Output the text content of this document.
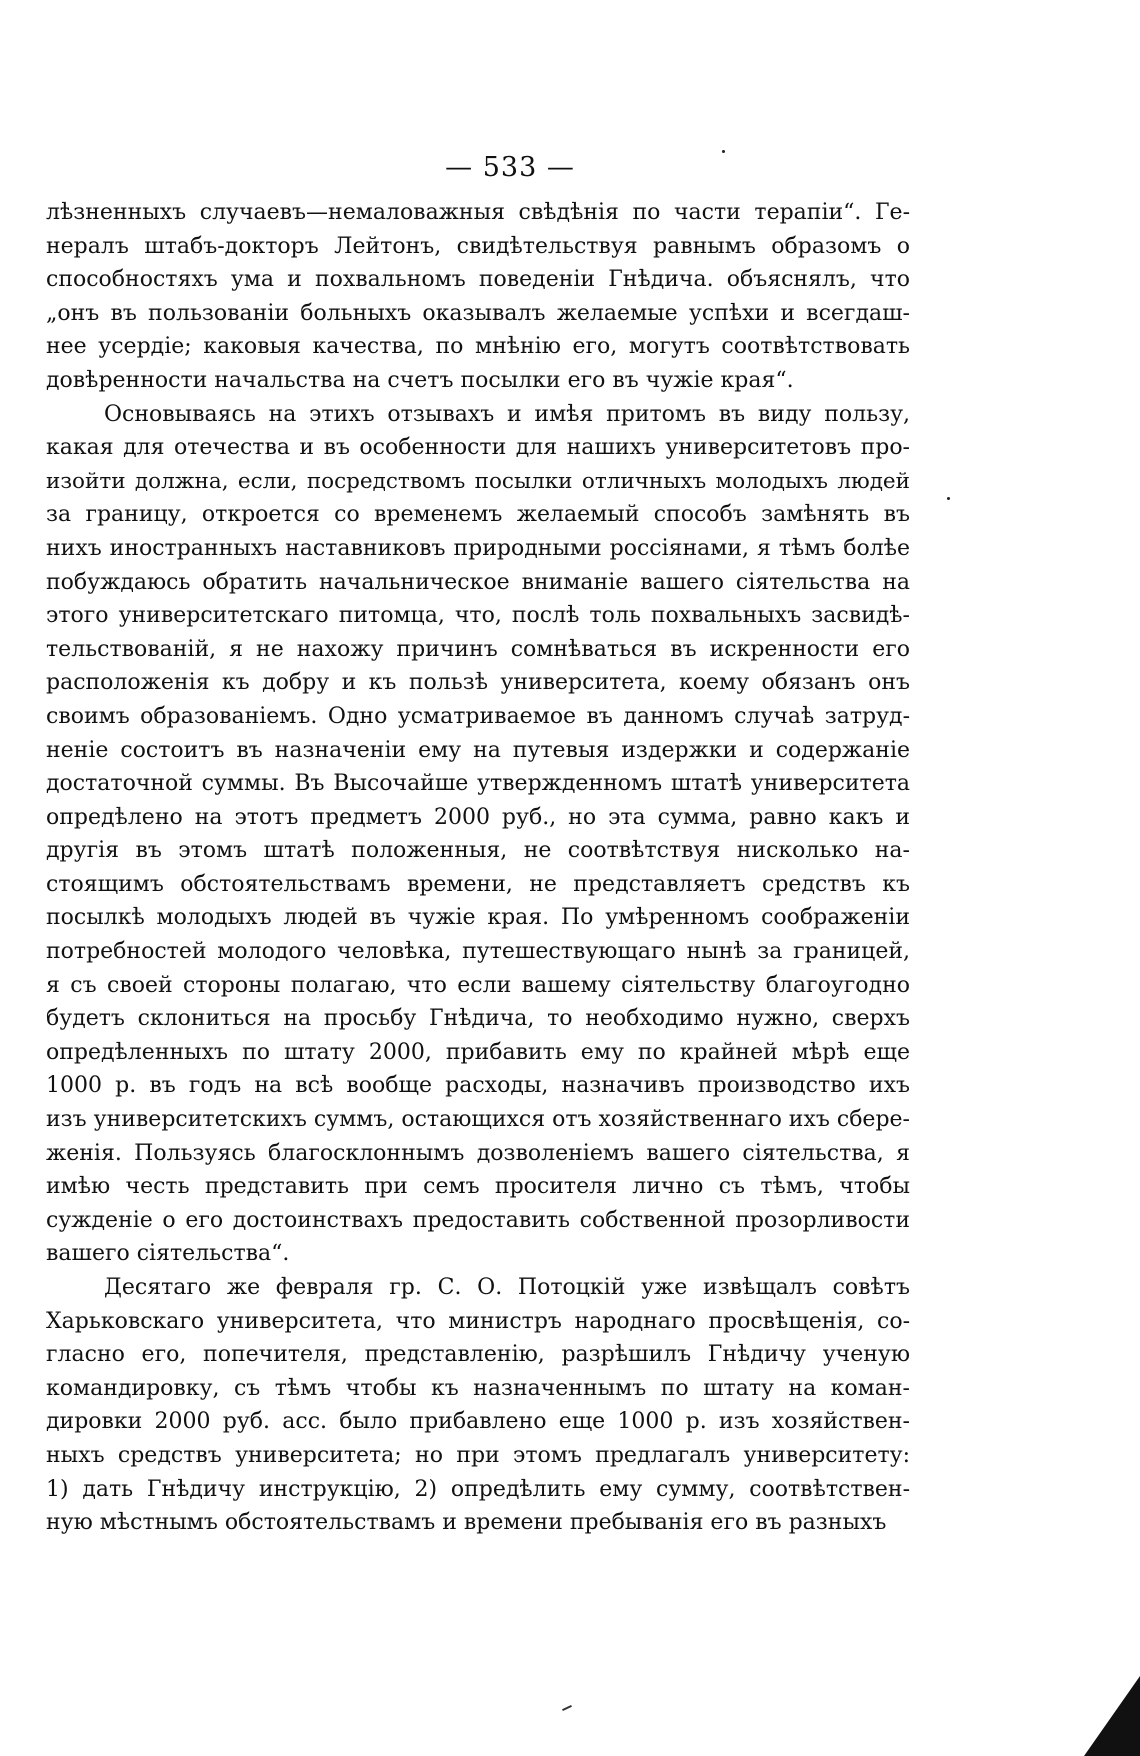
— 533 —
лѣзненныхъ случаевъ—немаловажныя свѣдѣнія по части терапіи“. Ге-
нералъ штабъ-докторъ Лейтонъ, свидѣтельствуя равнымъ образомъ о
способностяхъ ума и похвальномъ поведеніи Гнѣдича. объяснялъ, что
„онъ въ пользованіи больныхъ оказывалъ желаемые успѣхи и всегдаш-
нее усердіе; каковыя качества, по мнѣнію его, могутъ соотвѣтствовать
довѣренности начальства на счетъ посылки его въ чужіе края“.
Основываясь на этихъ отзывахъ и имѣя притомъ въ виду пользу,
какая для отечества и въ особенности для нашихъ университетовъ про-
изойти должна, если, посредствомъ посылки отличныхъ молодыхъ людей
за границу, откроется со временемъ желаемый способъ замѣнять въ
нихъ иностранныхъ наставниковъ природными россіянами, я тѣмъ болѣе
побуждаюсь обратить начальническое вниманіе вашего сіятельства на
этого университетскаго питомца, что, послѣ толь похвальныхъ засвидѣ-
тельствованій, я не нахожу причинъ сомнѣваться въ искренности его
расположенія къ добру и къ пользѣ университета, коему обязанъ онъ
своимъ образованіемъ. Одно усматриваемое въ данномъ случаѣ затруд-
неніе состоитъ въ назначеніи ему на путевыя издержки и содержаніе
достаточной суммы. Въ Высочайше утвержденномъ штатѣ университета
опредѣлено на этотъ предметъ 2000 руб., но эта сумма, равно какъ и
другія въ этомъ штатѣ положенныя, не соотвѣтствуя нисколько на-
стоящимъ обстоятельствамъ времени, не представляетъ средствъ къ
посылкѣ молодыхъ людей въ чужіе края. По умѣренномъ соображеніи
потребностей молодого человѣка, путешествующаго нынѣ за границей,
я съ своей стороны полагаю, что если вашему сіятельству благоугодно
будетъ склониться на просьбу Гнѣдича, то необходимо нужно, сверхъ
опредѣленныхъ по штату 2000, прибавить ему по крайней мѣрѣ еще
1000 р. въ годъ на всѣ вообще расходы, назначивъ производство ихъ
изъ университетскихъ суммъ, остающихся отъ хозяйственнаго ихъ сбере-
женія. Пользуясь благосклоннымъ дозволеніемъ вашего сіятельства, я
имѣю честь представить при семъ просителя лично съ тѣмъ, чтобы
сужденіе о его достоинствахъ предоставить собственной прозорливости
вашего сіятельства“.
Десятаго же февраля гр. С. О. Потоцкій уже извѣщалъ совѣтъ
Харьковскаго университета, что министръ народнаго просвѣщенія, со-
гласно его, попечителя, представленію, разрѣшилъ Гнѣдичу ученую
командировку, съ тѣмъ чтобы къ назначеннымъ по штату на коман-
дировки 2000 руб. асс. было прибавлено еще 1000 р. изъ хозяйствен-
ныхъ средствъ университета; но при этомъ предлагалъ университету:
1) дать Гнѣдичу инструкцію, 2) опредѣлить ему сумму, соотвѣтствен-
ную мѣстнымъ обстоятельствамъ и времени пребыванія его въ разныхъ
